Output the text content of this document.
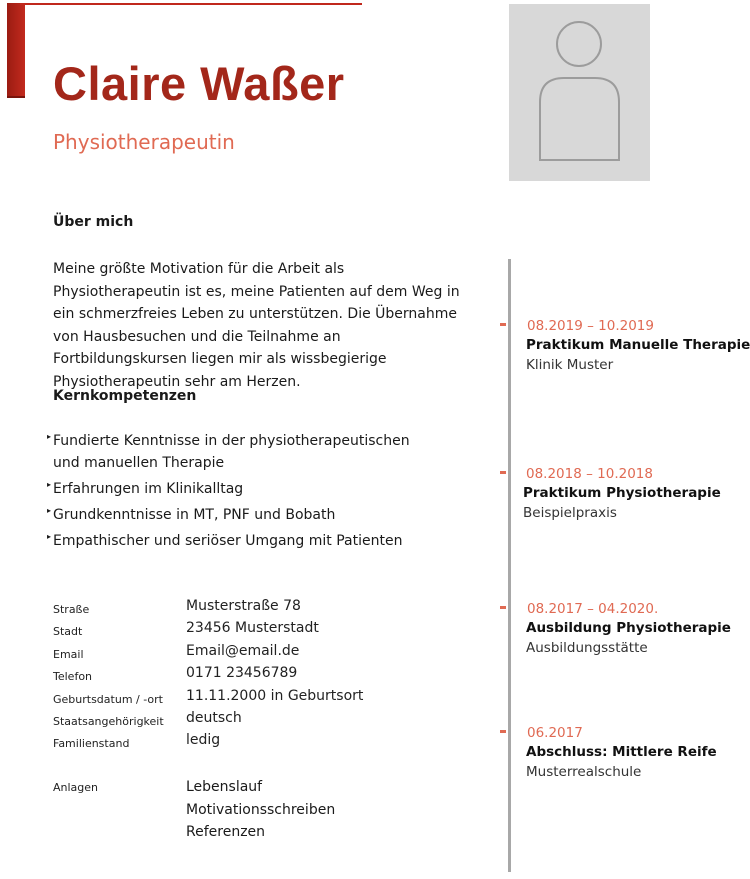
Claire Waßer
Physiotherapeutin
Über mich

Meine größte Motivation für die Arbeit als Physiotherapeutin ist es, meine Patienten auf dem Weg in ein schmerzfreies Leben zu unterstützen. Die Übernahme von Hausbesuchen und die Teilnahme an Fortbildungskursen liegen mir als wissbegierige Physiotherapeutin sehr am Herzen.

Kernkompetenzen
▸ Fundierte Kenntnisse in der physiotherapeutischen und manuellen Therapie
▸ Erfahrungen im Klinikalltag
▸ Grundkenntnisse in MT, PNF und Bobath
▸ Empathischer und seriöser Umgang mit Patienten
Straße	Musterstraße 78
Stadt	23456 Musterstadt
Email	Email@email.de
Telefon	0171 23456789
Geburtsdatum / -ort 11.11.2000 in Geburtsort
Staatsangehörigkeit deutsch
Familienstand	ledig
Anlagen	Lebenslauf
Motivationsschreiben
Referenzen
08.2019 – 10.2019
Praktikum Manuelle Therapie
Klinik Muster
08.2018 – 10.2018
Praktikum Physiotherapie
Beispielpraxis
08.2017 – 04.2020.
Ausbildung Physiotherapie
Ausbildungsstätte
06.2017
Abschluss: Mittlere Reife
Musterrealschule
